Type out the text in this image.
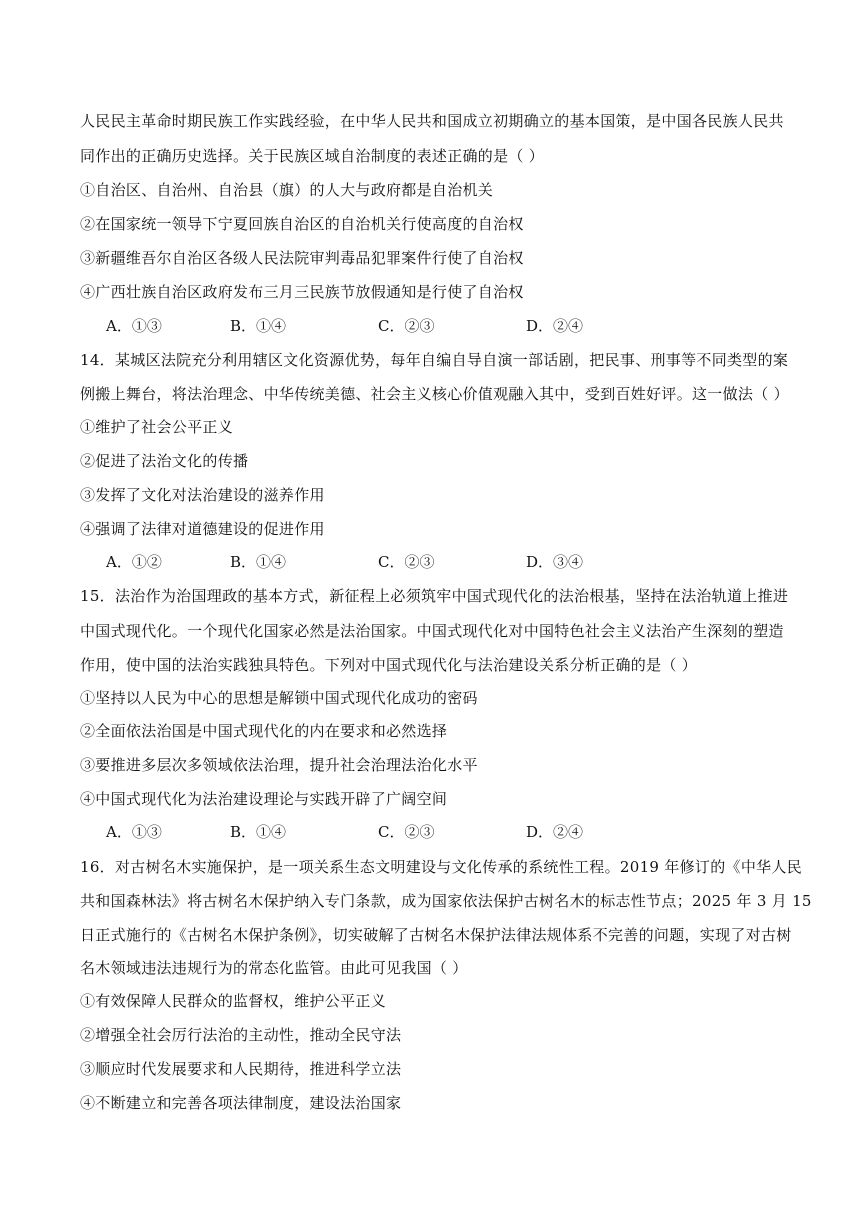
人民民主革命时期民族工作实践经验，在中华人民共和国成立初期确立的基本国策，是中国各民族人民共
同作出的正确历史选择。关于民族区域自治制度的表述正确的是（ ）
①自治区、自治州、自治县（旗）的人大与政府都是自治机关
②在国家统一领导下宁夏回族自治区的自治机关行使高度的自治权
③新疆维吾尔自治区各级人民法院审判毒品犯罪案件行使了自治权
④广西壮族自治区政府发布三月三民族节放假通知是行使了自治权
A．①③	B．①④	C．②③	D．②④
14．某城区法院充分利用辖区文化资源优势，每年自编自导自演一部话剧，把民事、刑事等不同类型的案
例搬上舞台，将法治理念、中华传统美德、社会主义核心价值观融入其中，受到百姓好评。这一做法（ ）
①维护了社会公平正义
②促进了法治文化的传播
③发挥了文化对法治建设的滋养作用
④强调了法律对道德建设的促进作用
A．①②	B．①④	C．②③	D．③④
15．法治作为治国理政的基本方式，新征程上必须筑牢中国式现代化的法治根基，坚持在法治轨道上推进
中国式现代化。一个现代化国家必然是法治国家。中国式现代化对中国特色社会主义法治产生深刻的塑造
作用，使中国的法治实践独具特色。下列对中国式现代化与法治建设关系分析正确的是（ ）
①坚持以人民为中心的思想是解锁中国式现代化成功的密码
②全面依法治国是中国式现代化的内在要求和必然选择
③要推进多层次多领域依法治理，提升社会治理法治化水平
④中国式现代化为法治建设理论与实践开辟了广阔空间
A．①③	B．①④	C．②③	D．②④
16．对古树名木实施保护，是一项关系生态文明建设与文化传承的系统性工程。2019 年修订的《中华人民
共和国森林法》将古树名木保护纳入专门条款，成为国家依法保护古树名木的标志性节点；2025 年 3 月 15
日正式施行的《古树名木保护条例》，切实破解了古树名木保护法律法规体系不完善的问题，实现了对古树
名木领域违法违规行为的常态化监管。由此可见我国（ ）
①有效保障人民群众的监督权，维护公平正义
②增强全社会厉行法治的主动性，推动全民守法
③顺应时代发展要求和人民期待，推进科学立法
④不断建立和完善各项法律制度，建设法治国家
